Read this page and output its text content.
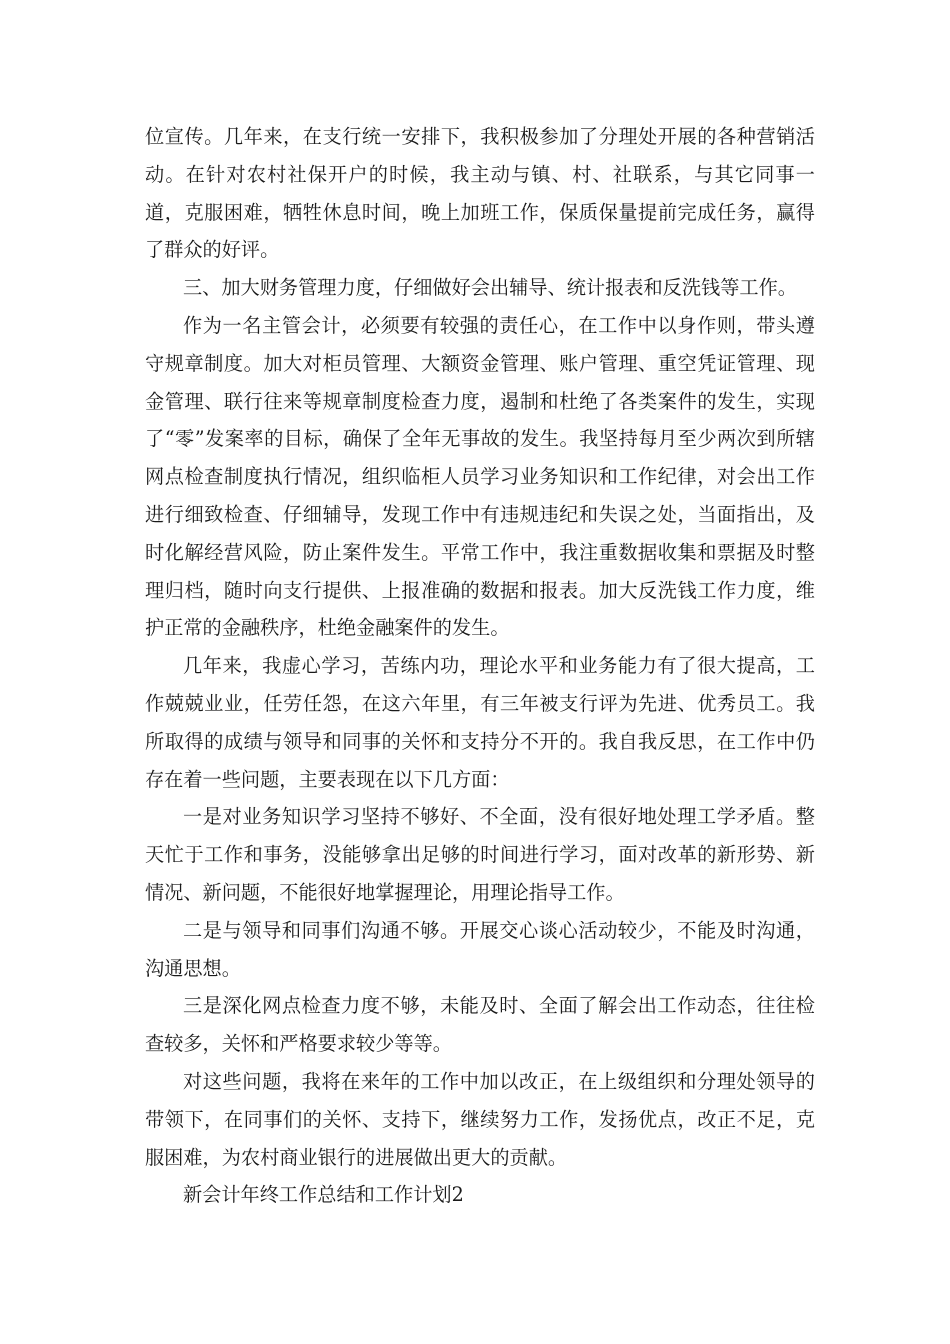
位宣传。几年来，在支行统一安排下，我积极参加了分理处开展的各种营销活动。在针对农村社保开户的时候，我主动与镇、村、社联系，与其它同事一道，克服困难，牺牲休息时间，晚上加班工作，保质保量提前完成任务，赢得了群众的好评。

三、加大财务管理力度，仔细做好会出辅导、统计报表和反洗钱等工作。

作为一名主管会计，必须要有较强的责任心，在工作中以身作则，带头遵守规章制度。加大对柜员管理、大额资金管理、账户管理、重空凭证管理、现金管理、联行往来等规章制度检查力度，遏制和杜绝了各类案件的发生，实现了“零”发案率的目标，确保了全年无事故的发生。我坚持每月至少两次到所辖网点检查制度执行情况，组织临柜人员学习业务知识和工作纪律，对会出工作进行细致检查、仔细辅导，发现工作中有违规违纪和失误之处，当面指出，及时化解经营风险，防止案件发生。平常工作中，我注重数据收集和票据及时整理归档，随时向支行提供、上报准确的数据和报表。加大反洗钱工作力度，维护正常的金融秩序，杜绝金融案件的发生。

几年来，我虚心学习，苦练内功，理论水平和业务能力有了很大提高，工作兢兢业业，任劳任怨，在这六年里，有三年被支行评为先进、优秀员工。我所取得的成绩与领导和同事的关怀和支持分不开的。我自我反思，在工作中仍存在着一些问题，主要表现在以下几方面：

一是对业务知识学习坚持不够好、不全面，没有很好地处理工学矛盾。整天忙于工作和事务，没能够拿出足够的时间进行学习，面对改革的新形势、新情况、新问题，不能很好地掌握理论，用理论指导工作。

二是与领导和同事们沟通不够。开展交心谈心活动较少，不能及时沟通，沟通思想。

三是深化网点检查力度不够，未能及时、全面了解会出工作动态，往往检查较多，关怀和严格要求较少等等。

对这些问题，我将在来年的工作中加以改正，在上级组织和分理处领导的带领下，在同事们的关怀、支持下，继续努力工作，发扬优点，改正不足，克服困难，为农村商业银行的进展做出更大的贡献。

新会计年终工作总结和工作计划2
